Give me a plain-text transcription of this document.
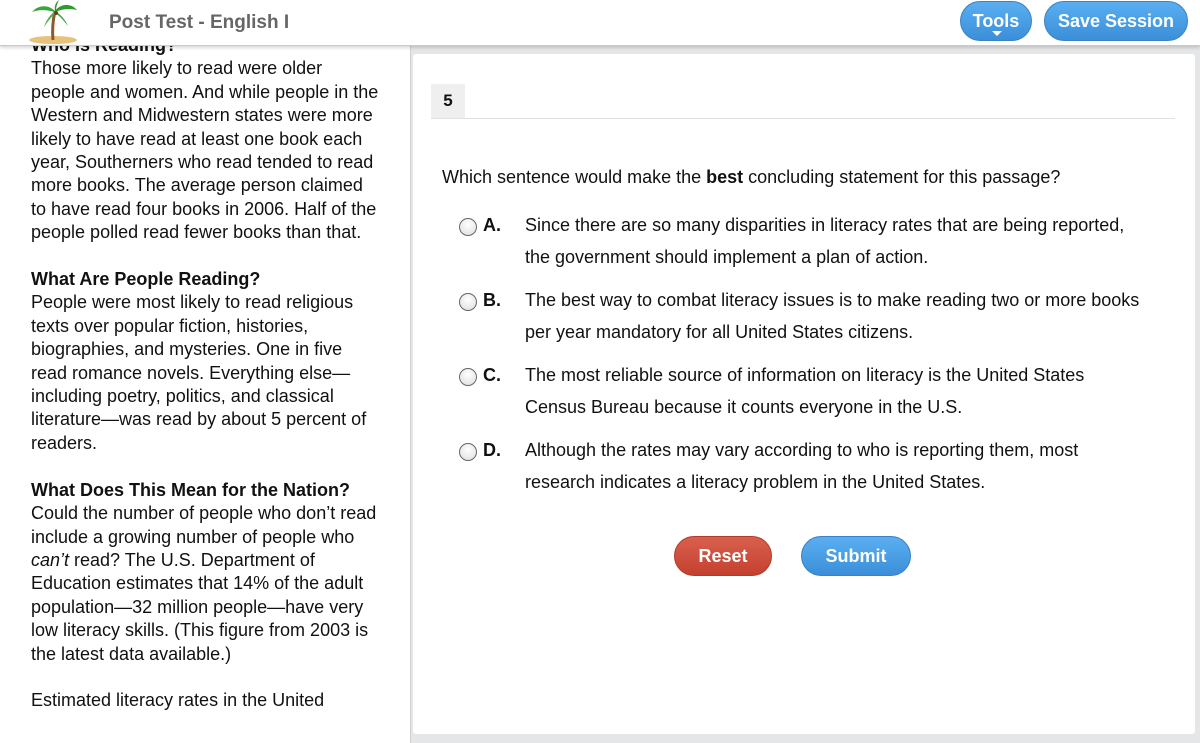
Post Test - English I	Tools	Save Session

Those more likely to read were older people and women. And while people in the Western and Midwestern states were more likely to have read at least one book each year, Southerners who read tended to read more books. The average person claimed to have read four books in 2006. Half of the people polled read fewer books than that.

What Are People Reading?

People were most likely to read religious texts over popular fiction, histories, biographies, and mysteries. One in five read romance novels. Everything else—including poetry, politics, and classical literature—was read by about 5 percent of readers.

What Does This Mean for the Nation?

Could the number of people who don’t read include a growing number of people who can’t read? The U.S. Department of Education estimates that 14% of the adult population—32 million people—have very low literacy skills. (This figure from 2003 is the latest data available.)

Estimated literacy rates in the United

5
Which sentence would make the best concluding statement for this passage?
A. Since there are so many disparities in literacy rates that are being reported, the government should implement a plan of action.
B. The best way to combat literacy issues is to make reading two or more books per year mandatory for all United States citizens.
C. The most reliable source of information on literacy is the United States Census Bureau because it counts everyone in the U.S.
D. Although the rates may vary according to who is reporting them, most research indicates a literacy problem in the United States.
Reset	Submit
